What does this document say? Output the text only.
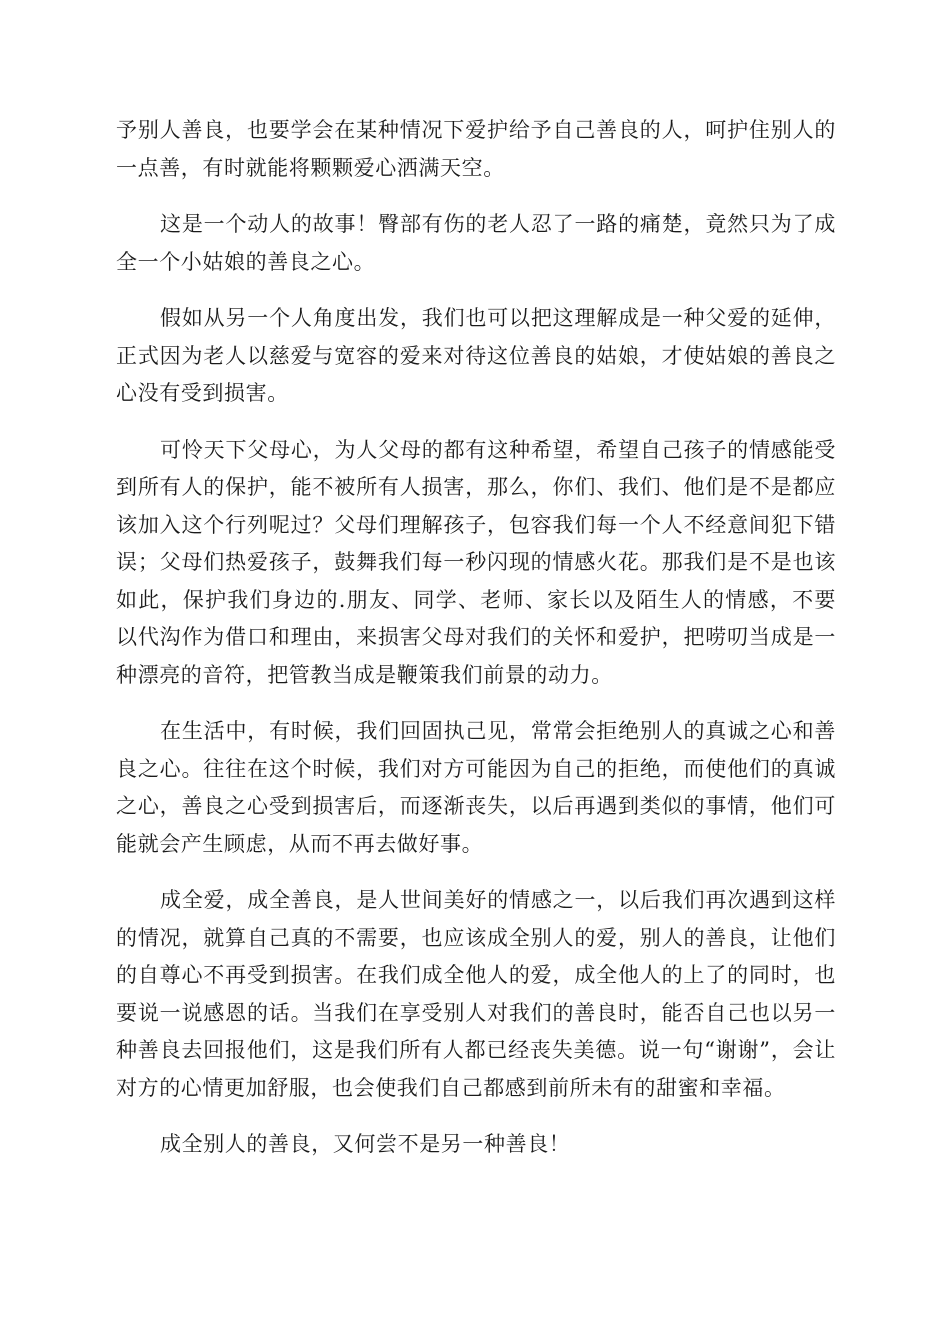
予别人善良，也要学会在某种情况下爱护给予自己善良的人，呵护住别人的一点善，有时就能将颗颗爱心洒满天空。

这是一个动人的故事！臀部有伤的老人忍了一路的痛楚，竟然只为了成全一个小姑娘的善良之心。

假如从另一个人角度出发，我们也可以把这理解成是一种父爱的延伸，正式因为老人以慈爱与宽容的爱来对待这位善良的姑娘，才使姑娘的善良之心没有受到损害。

可怜天下父母心，为人父母的都有这种希望，希望自己孩子的情感能受到所有人的保护，能不被所有人损害，那么，你们、我们、他们是不是都应该加入这个行列呢过？父母们理解孩子，包容我们每一个人不经意间犯下错误；父母们热爱孩子，鼓舞我们每一秒闪现的情感火花。那我们是不是也该如此，保护我们身边的.朋友、同学、老师、家长以及陌生人的情感，不要以代沟作为借口和理由，来损害父母对我们的关怀和爱护，把唠叨当成是一种漂亮的音符，把管教当成是鞭策我们前景的动力。

在生活中，有时候，我们回固执己见，常常会拒绝别人的真诚之心和善良之心。往往在这个时候，我们对方可能因为自己的拒绝，而使他们的真诚之心，善良之心受到损害后，而逐渐丧失，以后再遇到类似的事情，他们可能就会产生顾虑，从而不再去做好事。

成全爱，成全善良，是人世间美好的情感之一，以后我们再次遇到这样的情况，就算自己真的不需要，也应该成全别人的爱，别人的善良，让他们的自尊心不再受到损害。在我们成全他人的爱，成全他人的上了的同时，也要说一说感恩的话。当我们在享受别人对我们的善良时，能否自己也以另一种善良去回报他们，这是我们所有人都已经丧失美德。说一句“谢谢”，会让对方的心情更加舒服，也会使我们自己都感到前所未有的甜蜜和幸福。

成全别人的善良，又何尝不是另一种善良！
